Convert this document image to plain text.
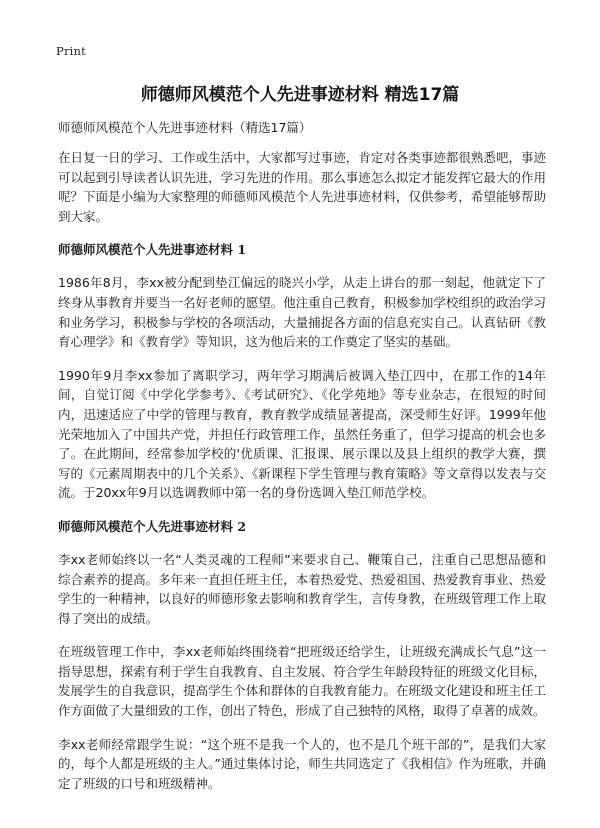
Print
师德师风模范个人先进事迹材料 精选17篇
师德师风模范个人先进事迹材料（精选17篇）

在日复一日的学习、工作或生活中，大家都写过事迹，肯定对各类事迹都很熟悉吧，事迹可以起到引导读者认识先进，学习先进的作用。那么事迹怎么拟定才能发挥它最大的作用呢？下面是小编为大家整理的师德师风模范个人先进事迹材料，仅供参考，希望能够帮助到大家。

师德师风模范个人先进事迹材料 1

1986年8月，李xx被分配到垫江偏远的晓兴小学，从走上讲台的那一刻起，他就定下了终身从事教育并要当一名好老师的愿望。他注重自己教育，积极参加学校组织的政治学习和业务学习，积极参与学校的各项活动，大量捕捉各方面的信息充实自己。认真钻研《教育心理学》和《教育学》等知识，这为他后来的工作奠定了坚实的基础。

1990年9月李xx参加了离职学习，两年学习期满后被调入垫江四中，在那工作的14年间，自觉订阅《中学化学参考》、《考试研究》、《化学苑地》等专业杂志，在很短的时间内，迅速适应了中学的管理与教育，教育教学成绩显著提高，深受师生好评。1999年他光荣地加入了中国共产党，并担任行政管理工作，虽然任务重了，但学习提高的机会也多了。在此期间，经常参加学校的'优质课、汇报课、展示课以及县上组织的教学大赛，撰写的《元素周期表中的几个关系》、《新课程下学生管理与教育策略》等文章得以发表与交流。于20xx年9月以选调教师中第一名的身份选调入垫江师范学校。

师德师风模范个人先进事迹材料 2

李xx老师始终以一名“人类灵魂的工程师”来要求自己、鞭策自己，注重自己思想品德和综合素养的提高。多年来一直担任班主任，本着热爱党、热爱祖国、热爱教育事业、热爱学生的一种精神，以良好的师德形象去影响和教育学生，言传身教，在班级管理工作上取得了突出的成绩。

在班级管理工作中，李xx老师始终围绕着“把班级还给学生，让班级充满成长气息”这一指导思想，探索有利于学生自我教育、自主发展、符合学生年龄段特征的班级文化目标，发展学生的自我意识，提高学生个体和群体的自我教育能力。在班级文化建设和班主任工作方面做了大量细致的工作，创出了特色，形成了自己独特的风格，取得了卓著的成效。

李xx老师经常跟学生说：“这个班不是我一个人的，也不是几个班干部的”，是我们大家的，每个人都是班级的主人。”通过集体讨论，师生共同选定了《我相信》作为班歌，并确定了班级的口号和班级精神。
